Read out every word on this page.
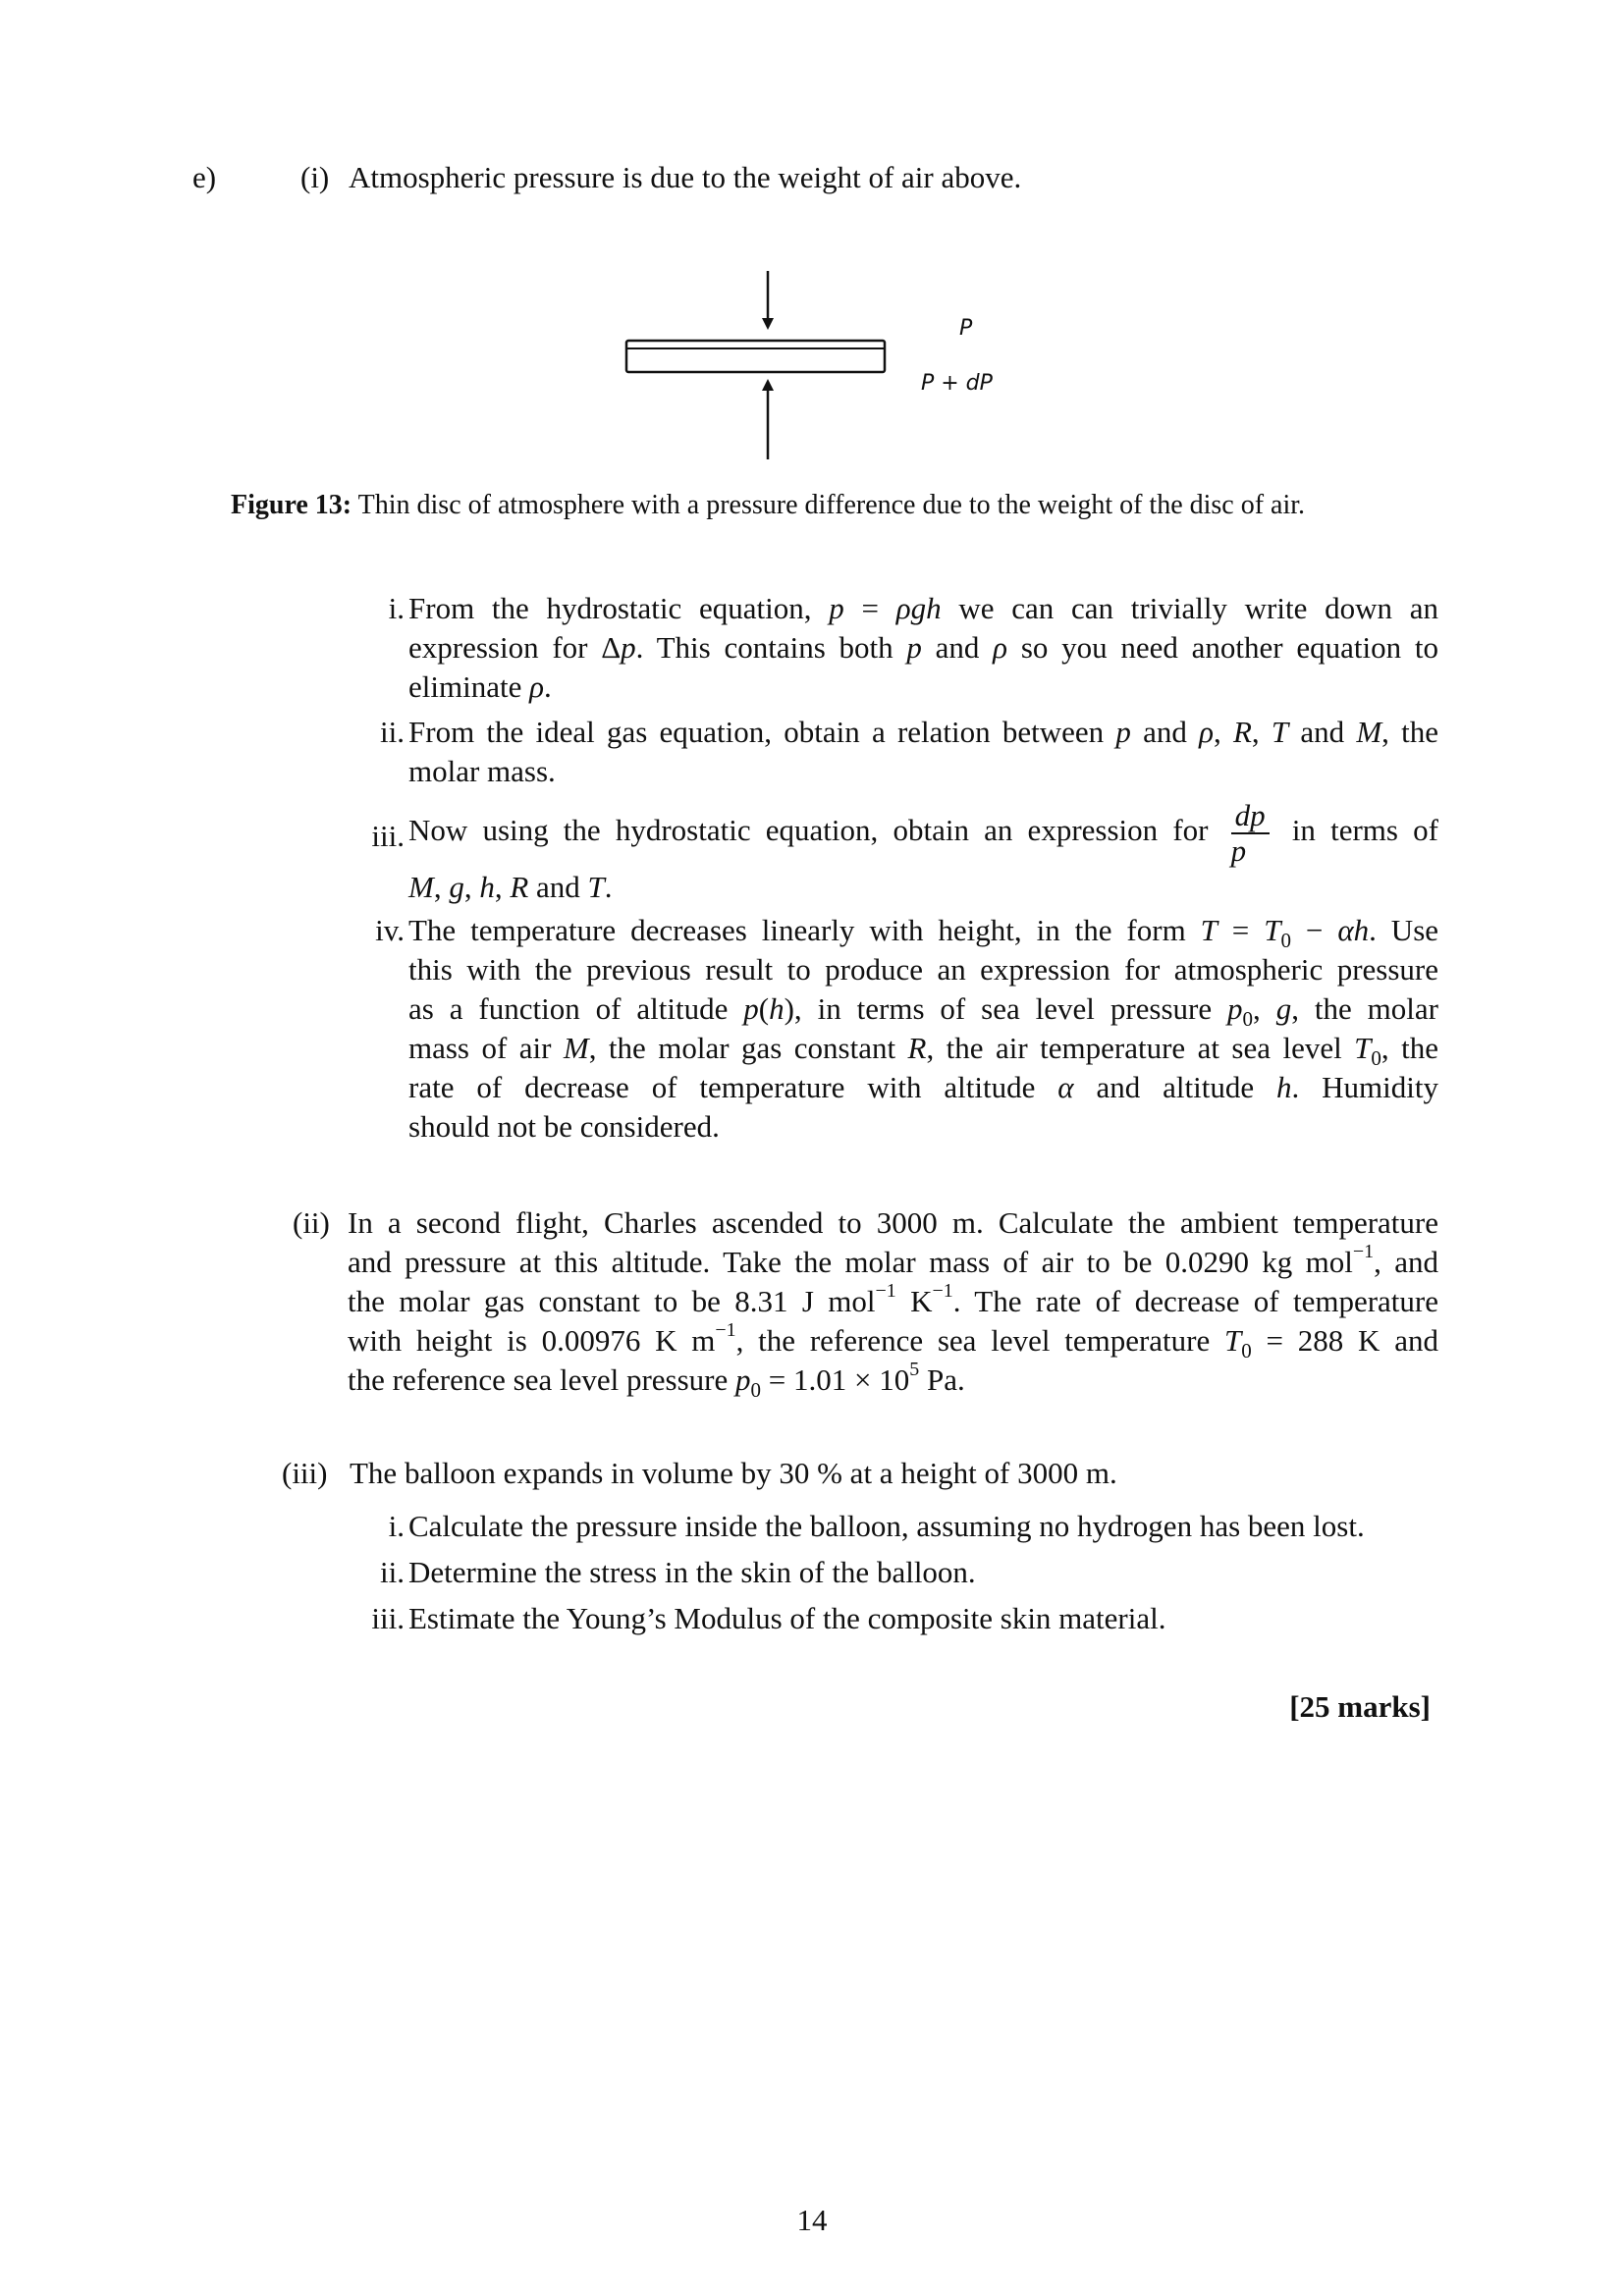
e)	(i) Atmospheric pressure is due to the weight of air above.
P
P + dP
Figure 13: Thin disc of atmosphere with a pressure difference due to the weight of the disc of air.
i. From the hydrostatic equation, p = ρgh we can can trivially write down an
expression for Δp. This contains both p and ρ so you need another equation to
eliminate ρ.
ii. From the ideal gas equation, obtain a relation between p and ρ, R, T and M, the
molar mass.
iii. Now using the hydrostatic equation, obtain an expression for $\frac{dp}{p}$ in terms of
M, g, h, R and T.
iv. The temperature decreases linearly with height, in the form $T = T_0 - \alpha h$. Use
this with the previous result to produce an expression for atmospheric pressure
as a function of altitude p(h), in terms of sea level pressure $p_0$, g, the molar
mass of air M, the molar gas constant R, the air temperature at sea level $T_0$, the
rate of decrease of temperature with altitude α and altitude h. Humidity
should not be considered.
(ii) In a second flight, Charles ascended to 3000 m. Calculate the ambient temperature
and pressure at this altitude. Take the molar mass of air to be 0.0290 kg mol$^{-1}$, and
the molar gas constant to be 8.31 J mol$^{-1}$ $K^{-1}$. The rate of decrease of temperature
with height is 0.00976 K $m^{-1}$, the reference sea level temperature $T_0 = 288$ K and
the reference sea level pressure $p_0 = 1.01 \times 10^5$ Pa.
(iii) The balloon expands in volume by 30 % at a height of 3000 m.
i. Calculate the pressure inside the balloon, assuming no hydrogen has been lost.
ii. Determine the stress in the skin of the balloon.
iii. Estimate the Young’s Modulus of the composite skin material.
[25 marks]
14
